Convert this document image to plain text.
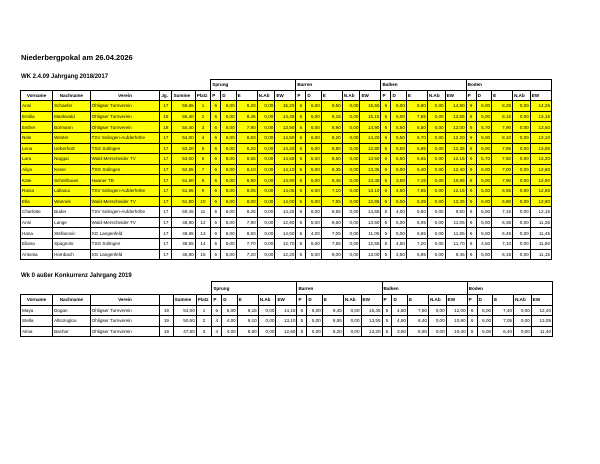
Niederbergpokal am 26.04.2026
WK 2.4.09 Jahrgang 2018/2017
						Sprung					Barren					Balken					Boden				
Vorname	Nachname	Verein	Jg.	Summe	Platz	P	D	E	N.Ab	EW	P	D	E	N.Ab	EW	P	D	E	N.Ab	EW	P	D	E	N.Ab	EW
Anni	Schaefer	Ohligser Turnverein	17	59,65	1	6	6,00	9,20	0,00	15,20	6	6,00	9,50	0,00	15,50	6	6,00	8,90	0,00	14,90	6	6,00	8,25	0,00	14,25
Emilia	Mankwald	Ohligser Turnverein	18	56,30	2	6	6,00	8,45	0,00	14,45	6	6,00	9,15	0,00	15,15	6	6,00	7,55	0,00	13,55	6	5,00	8,15	0,00	13,15
Esther	Bormann	Ohligser Turnverein	18	54,40	3	6	6,00	7,90	0,00	13,90	6	6,00	8,90	0,00	14,90	6	5,50	6,50	0,00	12,00	6	5,70	7,90	0,00	13,60
Nele	Wester	TSV Solingen-Aufderhöhe	17	54,00	4	6	6,00	8,50	0,00	14,50	6	6,00	8,20	0,00	14,20	6	5,50	6,70	0,00	12,20	6	5,00	8,10	0,00	13,10
Lena	Ueberholz	TSG Solingen	17	53,20	5	6	6,00	8,20	0,00	14,20	6	6,00	8,80	0,00	12,80	6	5,50	6,85	0,00	12,35	6	6,00	7,85	0,00	13,85
Lara	Noggai	Wald-Merscheider TV	17	53,00	6	6	6,00	8,55	0,00	14,55	6	5,00	8,50	0,00	13,50	6	5,50	6,65	0,00	12,15	6	5,70	7,50	0,00	13,20
Aliya	Keser	TSG Solingen	17	52,65	7	6	6,00	8,10	0,00	14,10	5	5,00	8,35	0,00	13,35	6	6,00	6,40	0,00	12,40	6	6,00	7,00	0,00	12,80
Kate	Scheithauer	Haaner TB	17	51,90	8	6	6,00	8,90	0,00	14,90	5	5,00	8,45	0,00	13,45	6	3,50	7,15	0,00	10,65	6	5,00	7,90	0,00	12,90
Rania	Lallaoui	TSV Solingen-Aufderhöhe	17	51,85	9	6	6,00	8,05	0,00	14,05	6	6,00	7,10	0,00	13,10	6	4,50	7,65	0,00	12,15	6	5,00	6,55	0,00	12,55
Ella	Wannek	Wald-Merscheider TV	17	51,80	10	6	6,00	8,00	0,00	14,00	5	5,00	7,65	0,00	12,65	6	6,00	6,35	0,00	12,35	6	6,00	6,80	0,00	12,80
Charlotte	Buder	TSV Solingen-Aufderhöhe	17	50,45	11	6	6,00	8,25	0,00	14,25	6	6,00	8,55	0,00	14,55	5	4,00	5,50	0,00	9,50	6	5,00	7,15	0,00	12,15
Anni	Lange	Wald-Merscheider TV	17	48,90	12	5	5,00	7,90	0,00	12,90	5	5,00	8,60	0,00	13,60	6	5,00	6,05	0,00	11,05	6	5,00	6,35	0,00	11,35
Hana	Stefanovic	SG Langenfeld	17	48,65	13	6	6,00	8,50	0,00	14,50	5	4,00	7,05	0,00	11,05	5	5,00	6,65	0,00	11,65	6	5,00	6,45	0,00	11,45
Eliana	Spagnolo	TSG Solingen	17	48,55	14	5	5,00	7,70	0,00	12,70	5	5,00	7,55	0,00	12,55	5	4,50	7,20	0,00	11,70	6	4,50	7,10	0,00	11,60
Antonia	Hombach	SG Langenfeld	17	45,80	15	5	5,00	7,20	0,00	12,20	5	5,00	8,00	0,00	13,00	5	2,50	6,95	0,00	9,45	6	5,00	6,15	0,00	11,15
Wk 0 außer Konkurrenz Jahrgang 2019
						Sprung					Barren					Balken					Boden				
Vorname	Nachname	Verein		Summe	Platz	P	D	E	N.Ab	EW	P	D	E	N.Ab	EW	P	D	E	N.Ab	EW	P	D	E	N.Ab	EW
Maya	Dogan	Ohligser Turnverein	19	54,00	1	5	5,00	9,15	0,00	14,15	6	6,00	9,45	0,00	15,45	5	4,50	7,50	0,00	12,00	6	5,00	7,40	0,00	12,40
Stella	Altinzoglou	Ohligser Turnverein	19	50,60	2	4	4,00	9,10	0,00	13,10	5	5,00	8,55	0,00	13,55	5	4,50	6,40	0,00	10,90	6	6,00	7,05	0,00	13,05
Alma	Bachar	Ohligser Turnverein	19	47,60	3	4	4,00	8,60	0,00	12,60	5	5,00	8,20	0,00	13,20	5	3,50	6,90	0,00	10,40	6	5,00	6,40	0,00	11,40
